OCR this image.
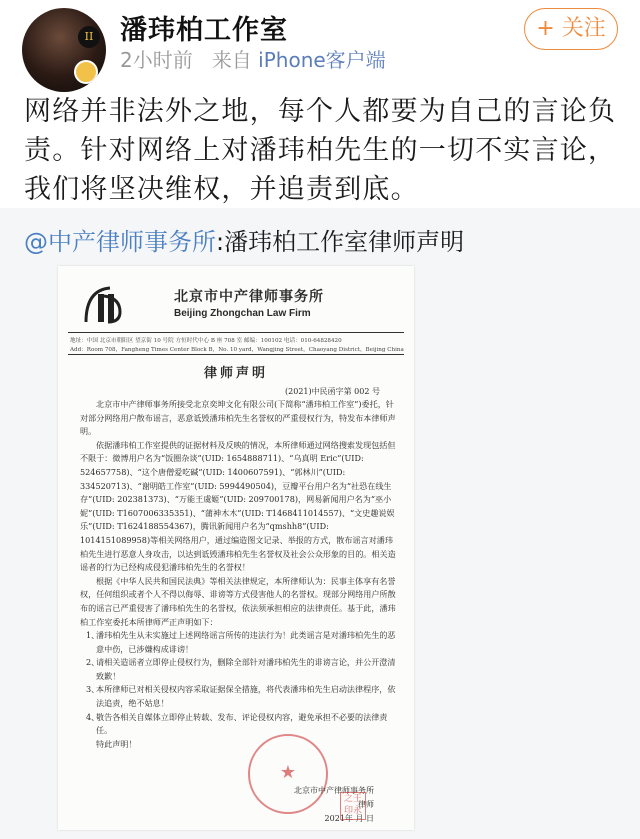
II 潘玮柏工作室
2小时前 来自 iPhone客户端
+ 关注
网络并非法外之地，每个人都要为自己的言论负责。针对网络上对潘玮柏先生的一切不实言论，我们将坚决维权，并追责到底。
@中产律师事务所:潘玮柏工作室律师声明
北京市中产律师事务所
Beijing Zhongchan Law Firm
地址：中国 北京市朝阳区 望京街 10 号院 方恒时代中心 B 座 708 室 邮编：100102 电话：010-64828420
Add：Room 708，Fangheng Times Center Block B，No. 10 yard，Wangjing Street，Chaoyang District，Beijing China
律师声明
(2021)中民函字第 002 号

北京市中产律师事务所接受北京奕坤文化有限公司(下简称“潘玮柏工作室”)委托，针对部分网络用户散布谣言，恶意诋毁潘玮柏先生名誉权的严重侵权行为，特发布本律师声明。

依据潘玮柏工作室提供的证据材料及反映的情况，本所律师通过网络搜索发现包括但不限于：微博用户名为“饭圈杂谈”(UID: 1654888711)、“乌真明 Eric”(UID: 524657758)、“这个唐僧爱吃碱”(UID: 1400607591)、“郭林川”(UID: 334520713)、“谢明皓工作室”(UID: 5994490504)，豆瓣平台用户名为“社恐在线生存”(UID: 202381373)、“万能王虞姬”(UID: 209700178)，网易新闻用户名为“巫小妮”(UID: T1607006335351)、“蒲神木木”(UID: T1468411014557)、“文史趣说娱乐”(UID: T1624188554367)，腾讯新闻用户名为“qmshh8”(UID: 1014151089958)等相关网络用户，通过编造图文记录、举报的方式，散布谣言对潘玮柏先生进行恶意人身攻击，以达到诋毁潘玮柏先生名誉权及社会公众形象的目的。相关造谣者的行为已经构成侵犯潘玮柏先生的名誉权！

根据《中华人民共和国民法典》等相关法律规定，本所律师认为：民事主体享有名誉权，任何组织或者个人不得以侮辱、诽谤等方式侵害他人的名誉权。现部分网络用户所散布的谣言已严重侵害了潘玮柏先生的名誉权，依法须承担相应的法律责任。基于此，潘玮柏工作室委托本所律师严正声明如下：

1、
潘玮柏先生从未实施过上述网络谣言所传的违法行为！此类谣言是对潘玮柏先生的恶意中伤，已涉嫌构成诽谤！

2、
请相关造谣者立即停止侵权行为，删除全部针对潘玮柏先生的诽谤言论，并公开澄清致歉！

3、
本所律师已对相关侵权内容采取证据保全措施，将代表潘玮柏先生启动法律程序，依法追责，绝不姑息！

4、
敬告各相关自媒体立即停止转载、发布、评论侵权内容，避免承担不必要的法律责任。

特此声明！

★
北京市中产律师事务所
律师
2021年 月 日
之王 印永
